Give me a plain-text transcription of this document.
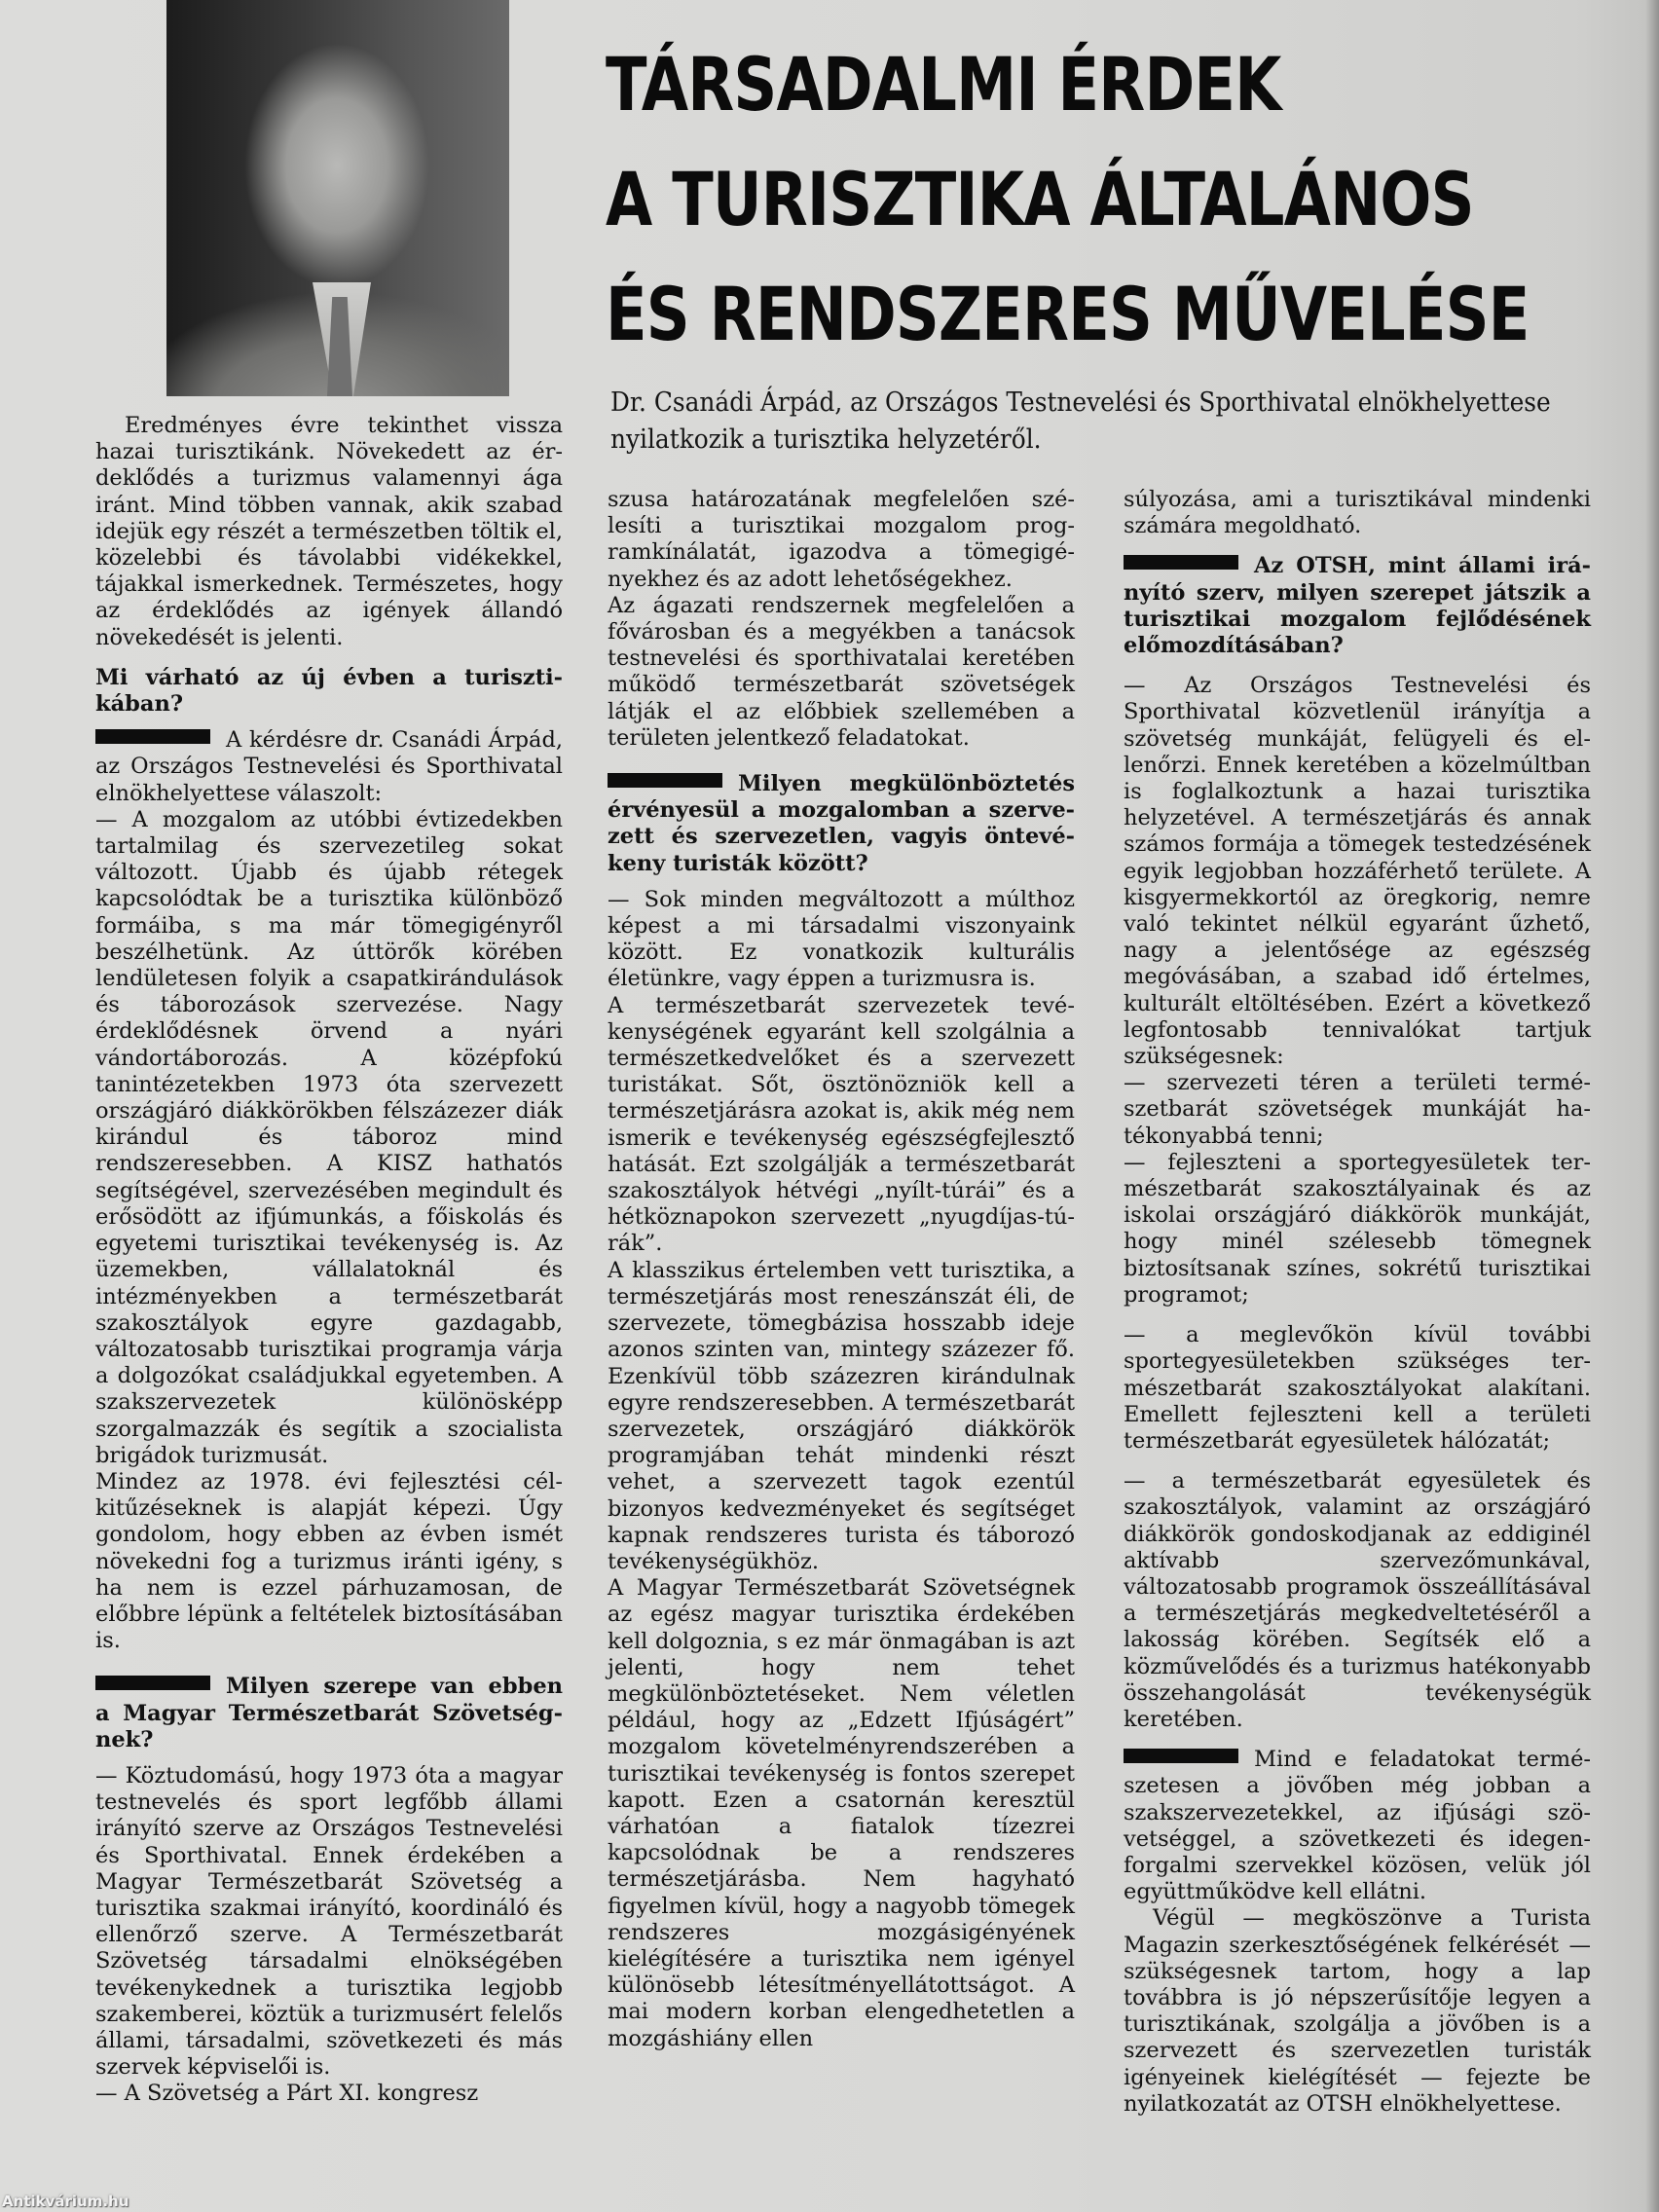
TÁRSADALMI ÉRDEK
A TURISZTIKA ÁLTALÁNOS
ÉS RENDSZERES MŰVELÉSE
Dr. Csanádi Árpád, az Országos Testnevelési és Sporthivatal elnökhelyettese nyilatkozik a turisztika helyzetéről.

Eredményes évre tekinthet vissza hazai turisztikánk. Növekedett az érdeklődés a turizmus valamennyi ága iránt. Mind többen vannak, akik szabad idejük egy részét a természetben töltik el, közelebbi és távolabbi vidékekkel, tájakkal ismerkednek. Természetes, hogy az érdeklődés az igények állandó növekedését is jelenti.

Mi várható az új évben a turisztikában?

A kérdésre dr. Csanádi Árpád, az Országos Testnevelési és Sporthivatal elnökhelyettese válaszolt:

— A mozgalom az utóbbi évtizedekben tartalmilag és szervezetileg sokat változott. Újabb és újabb rétegek kapcsolódtak be a turisztika különböző formáiba, s ma már tömegigényről beszélhetünk. Az úttörők körében lendületesen folyik a csapatkirándulások és táborozások szervezése. Nagy érdeklődésnek örvend a nyári vándortáborozás. A középfokú tanintézetekben 1973 óta szervezett országjáró diákkörökben félszázezer diák kirándul és táboroz mind rendszeresebben. A KISZ hathatós segítségével, szervezésében megindult és erősödött az ifjúmunkás, a főiskolás és egyetemi turisztikai tevékenység is. Az üzemekben, vállalatoknál és intézményekben a természetbarát szakosztályok egyre gazdagabb, változatosabb turisztikai programja várja a dolgozókat családjukkal egyetemben. A szakszervezetek különösképp szorgalmazzák és segítik a szocialista brigádok turizmusát.

Mindez az 1978. évi fejlesztési célkitűzéseknek is alapját képezi. Úgy gondolom, hogy ebben az évben ismét növekedni fog a turizmus iránti igény, s ha nem is ezzel párhuzamosan, de előbbre lépünk a feltételek biztosításában is.

Milyen szerepe van ebben a Magyar Természetbarát Szövetségnek?

— Köztudomású, hogy 1973 óta a magyar testnevelés és sport legfőbb állami irányító szerve az Országos Testnevelési és Sporthivatal. Ennek érdekében a Magyar Természetbarát Szövetség a turisztika szakmai irányító, koordináló és ellenőrző szerve. A Természetbarát Szövetség társadalmi elnökségében tevékenykednek a turisztika legjobb szakemberei, köztük a turizmusért felelős állami, társadalmi, szövetkezeti és más szervek képviselői is.

— A Szövetség a Párt XI. kongresz

szusa határozatának megfelelően szélesíti a turisztikai mozgalom programkínálatát, igazodva a tömegigényekhez és az adott lehetőségekhez.

Az ágazati rendszernek megfelelően a fővárosban és a megyékben a tanácsok testnevelési és sporthivatalai keretében működő természetbarát szövetségek látják el az előbbiek szellemében a területen jelentkező feladatokat.

Milyen megkülönböztetés érvényesül a mozgalomban a szervezett és szervezetlen, vagyis öntevékeny turisták között?

— Sok minden megváltozott a múlthoz képest a mi társadalmi viszonyaink között. Ez vonatkozik kulturális életünkre, vagy éppen a turizmusra is.

A természetbarát szervezetek tevékenységének egyaránt kell szolgálnia a természetkedvelőket és a szervezett turistákat. Sőt, ösztönözniök kell a természetjárásra azokat is, akik még nem ismerik e tevékenység egészségfejlesztő hatását. Ezt szolgálják a természetbarát szakosztályok hétvégi „nyílt-túrái” és a hétköznapokon szervezett „nyugdíjas-túrák”.

A klasszikus értelemben vett turisztika, a természetjárás most reneszánszát éli, de szervezete, tömegbázisa hosszabb ideje azonos szinten van, mintegy százezer fő. Ezenkívül több százezren kirándulnak egyre rendszeresebben. A természetbarát szervezetek, országjáró diákkörök programjában tehát mindenki részt vehet, a szervezett tagok ezentúl bizonyos kedvezményeket és segítséget kapnak rendszeres turista és táborozó tevékenységükhöz.

A Magyar Természetbarát Szövetségnek az egész magyar turisztika érdekében kell dolgoznia, s ez már önmagában is azt jelenti, hogy nem tehet megkülönböztetéseket. Nem véletlen például, hogy az „Edzett Ifjúságért” mozgalom követelményrendszerében a turisztikai tevékenység is fontos szerepet kapott. Ezen a csatornán keresztül várhatóan a fiatalok tízezrei kapcsolódnak be a rendszeres természetjárásba. Nem hagyható figyelmen kívül, hogy a nagyobb tömegek rendszeres mozgásigényének kielégítésére a turisztika nem igényel különösebb létesítményellátottságot. A mai modern korban elengedhetetlen a mozgáshiány ellen

súlyozása, ami a turisztikával mindenki számára megoldható.

Az OTSH, mint állami irányító szerv, milyen szerepet játszik a turisztikai mozgalom fejlődésének előmozdításában?

— Az Országos Testnevelési és Sporthivatal közvetlenül irányítja a szövetség munkáját, felügyeli és ellenőrzi. Ennek keretében a közelmúltban is foglalkoztunk a hazai turisztika helyzetével. A természetjárás és annak számos formája a tömegek testedzésének egyik legjobban hozzáférhető területe. A kisgyermekkortól az öregkorig, nemre való tekintet nélkül egyaránt űzhető, nagy a jelentősége az egészség megóvásában, a szabad idő értelmes, kulturált eltöltésében. Ezért a következő legfontosabb tennivalókat tartjuk szükségesnek:

— szervezeti téren a területi természetbarát szövetségek munkáját hatékonyabbá tenni;

— fejleszteni a sportegyesületek természetbarát szakosztályainak és az iskolai országjáró diákkörök munkáját, hogy minél szélesebb tömegnek biztosítsanak színes, sokrétű turisztikai programot;

— a meglevőkön kívül további sportegyesületekben szükséges természetbarát szakosztályokat alakítani. Emellett fejleszteni kell a területi természetbarát egyesületek hálózatát;

— a természetbarát egyesületek és szakosztályok, valamint az országjáró diákkörök gondoskodjanak az eddiginél aktívabb szervezőmunkával, változatosabb programok összeállításával a természetjárás megkedveltetéséről a lakosság körében. Segítsék elő a közművelődés és a turizmus hatékonyabb összehangolását tevékenységük keretében.

Mind e feladatokat természetesen a jövőben még jobban a szakszervezetekkel, az ifjúsági szövetséggel, a szövetkezeti és idegenforgalmi szervekkel közösen, velük jól együttműködve kell ellátni.

Végül — megköszönve a Turista Magazin szerkesztőségének felkérését — szükségesnek tartom, hogy a lap továbbra is jó népszerűsítője legyen a turisztikának, szolgálja a jövőben is a szervezett és szervezetlen turisták igényeinek kielégítését — fejezte be nyilatkozatát az OTSH elnökhelyettese.

Antikvárium.hu
